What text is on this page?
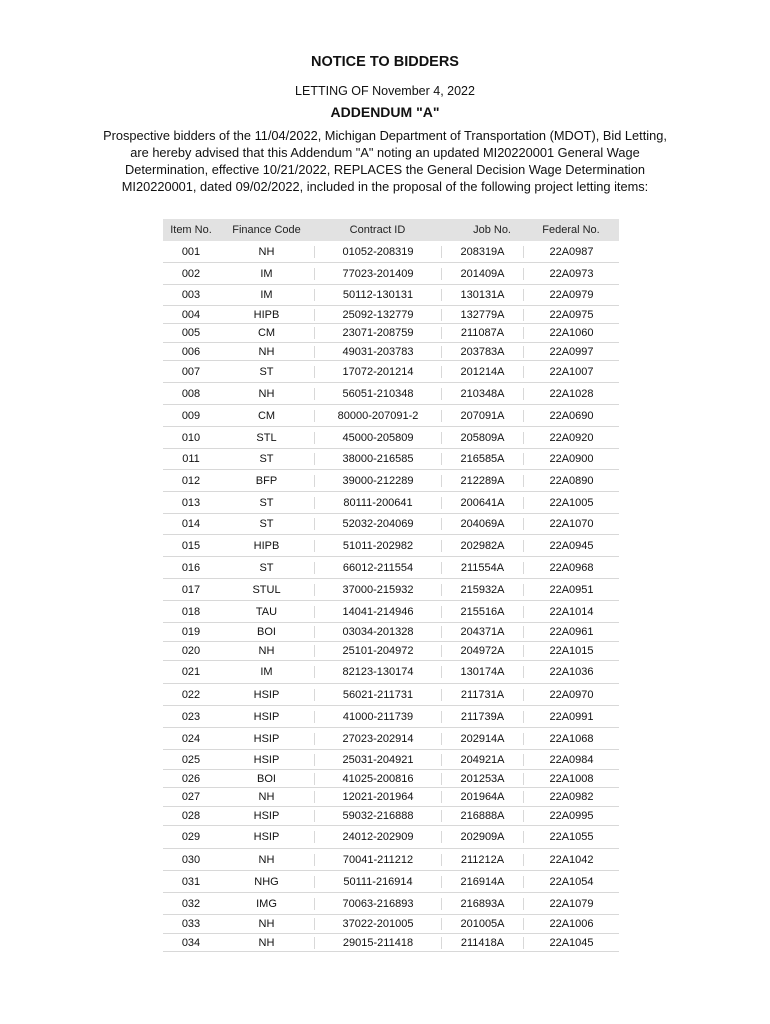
NOTICE TO BIDDERS
LETTING OF November 4, 2022
ADDENDUM "A"
Prospective bidders of the 11/04/2022, Michigan Department of Transportation (MDOT), Bid Letting, are hereby advised that this Addendum "A" noting an updated MI20220001 General Wage Determination, effective 10/21/2022, REPLACES the General Decision Wage Determination MI20220001, dated 09/02/2022, included in the proposal of the following project letting items:
Item No.	Finance Code	Contract ID	Job No.	Federal No.
001	NH	01052-208319	208319A	22A0987
002	IM	77023-201409	201409A	22A0973
003	IM	50112-130131	130131A	22A0979
004	HIPB	25092-132779	132779A	22A0975
005	CM	23071-208759	211087A	22A1060
006	NH	49031-203783	203783A	22A0997
007	ST	17072-201214	201214A	22A1007
008	NH	56051-210348	210348A	22A1028
009	CM	80000-207091-2	207091A	22A0690
010	STL	45000-205809	205809A	22A0920
011	ST	38000-216585	216585A	22A0900
012	BFP	39000-212289	212289A	22A0890
013	ST	80111-200641	200641A	22A1005
014	ST	52032-204069	204069A	22A1070
015	HIPB	51011-202982	202982A	22A0945
016	ST	66012-211554	211554A	22A0968
017	STUL	37000-215932	215932A	22A0951
018	TAU	14041-214946	215516A	22A1014
019	BOI	03034-201328	204371A	22A0961
020	NH	25101-204972	204972A	22A1015
021	IM	82123-130174	130174A	22A1036
022	HSIP	56021-211731	211731A	22A0970
023	HSIP	41000-211739	211739A	22A0991
024	HSIP	27023-202914	202914A	22A1068
025	HSIP	25031-204921	204921A	22A0984
026	BOI	41025-200816	201253A	22A1008
027	NH	12021-201964	201964A	22A0982
028	HSIP	59032-216888	216888A	22A0995
029	HSIP	24012-202909	202909A	22A1055
030	NH	70041-211212	211212A	22A1042
031	NHG	50111-216914	216914A	22A1054
032	IMG	70063-216893	216893A	22A1079
033	NH	37022-201005	201005A	22A1006
034	NH	29015-211418	211418A	22A1045
